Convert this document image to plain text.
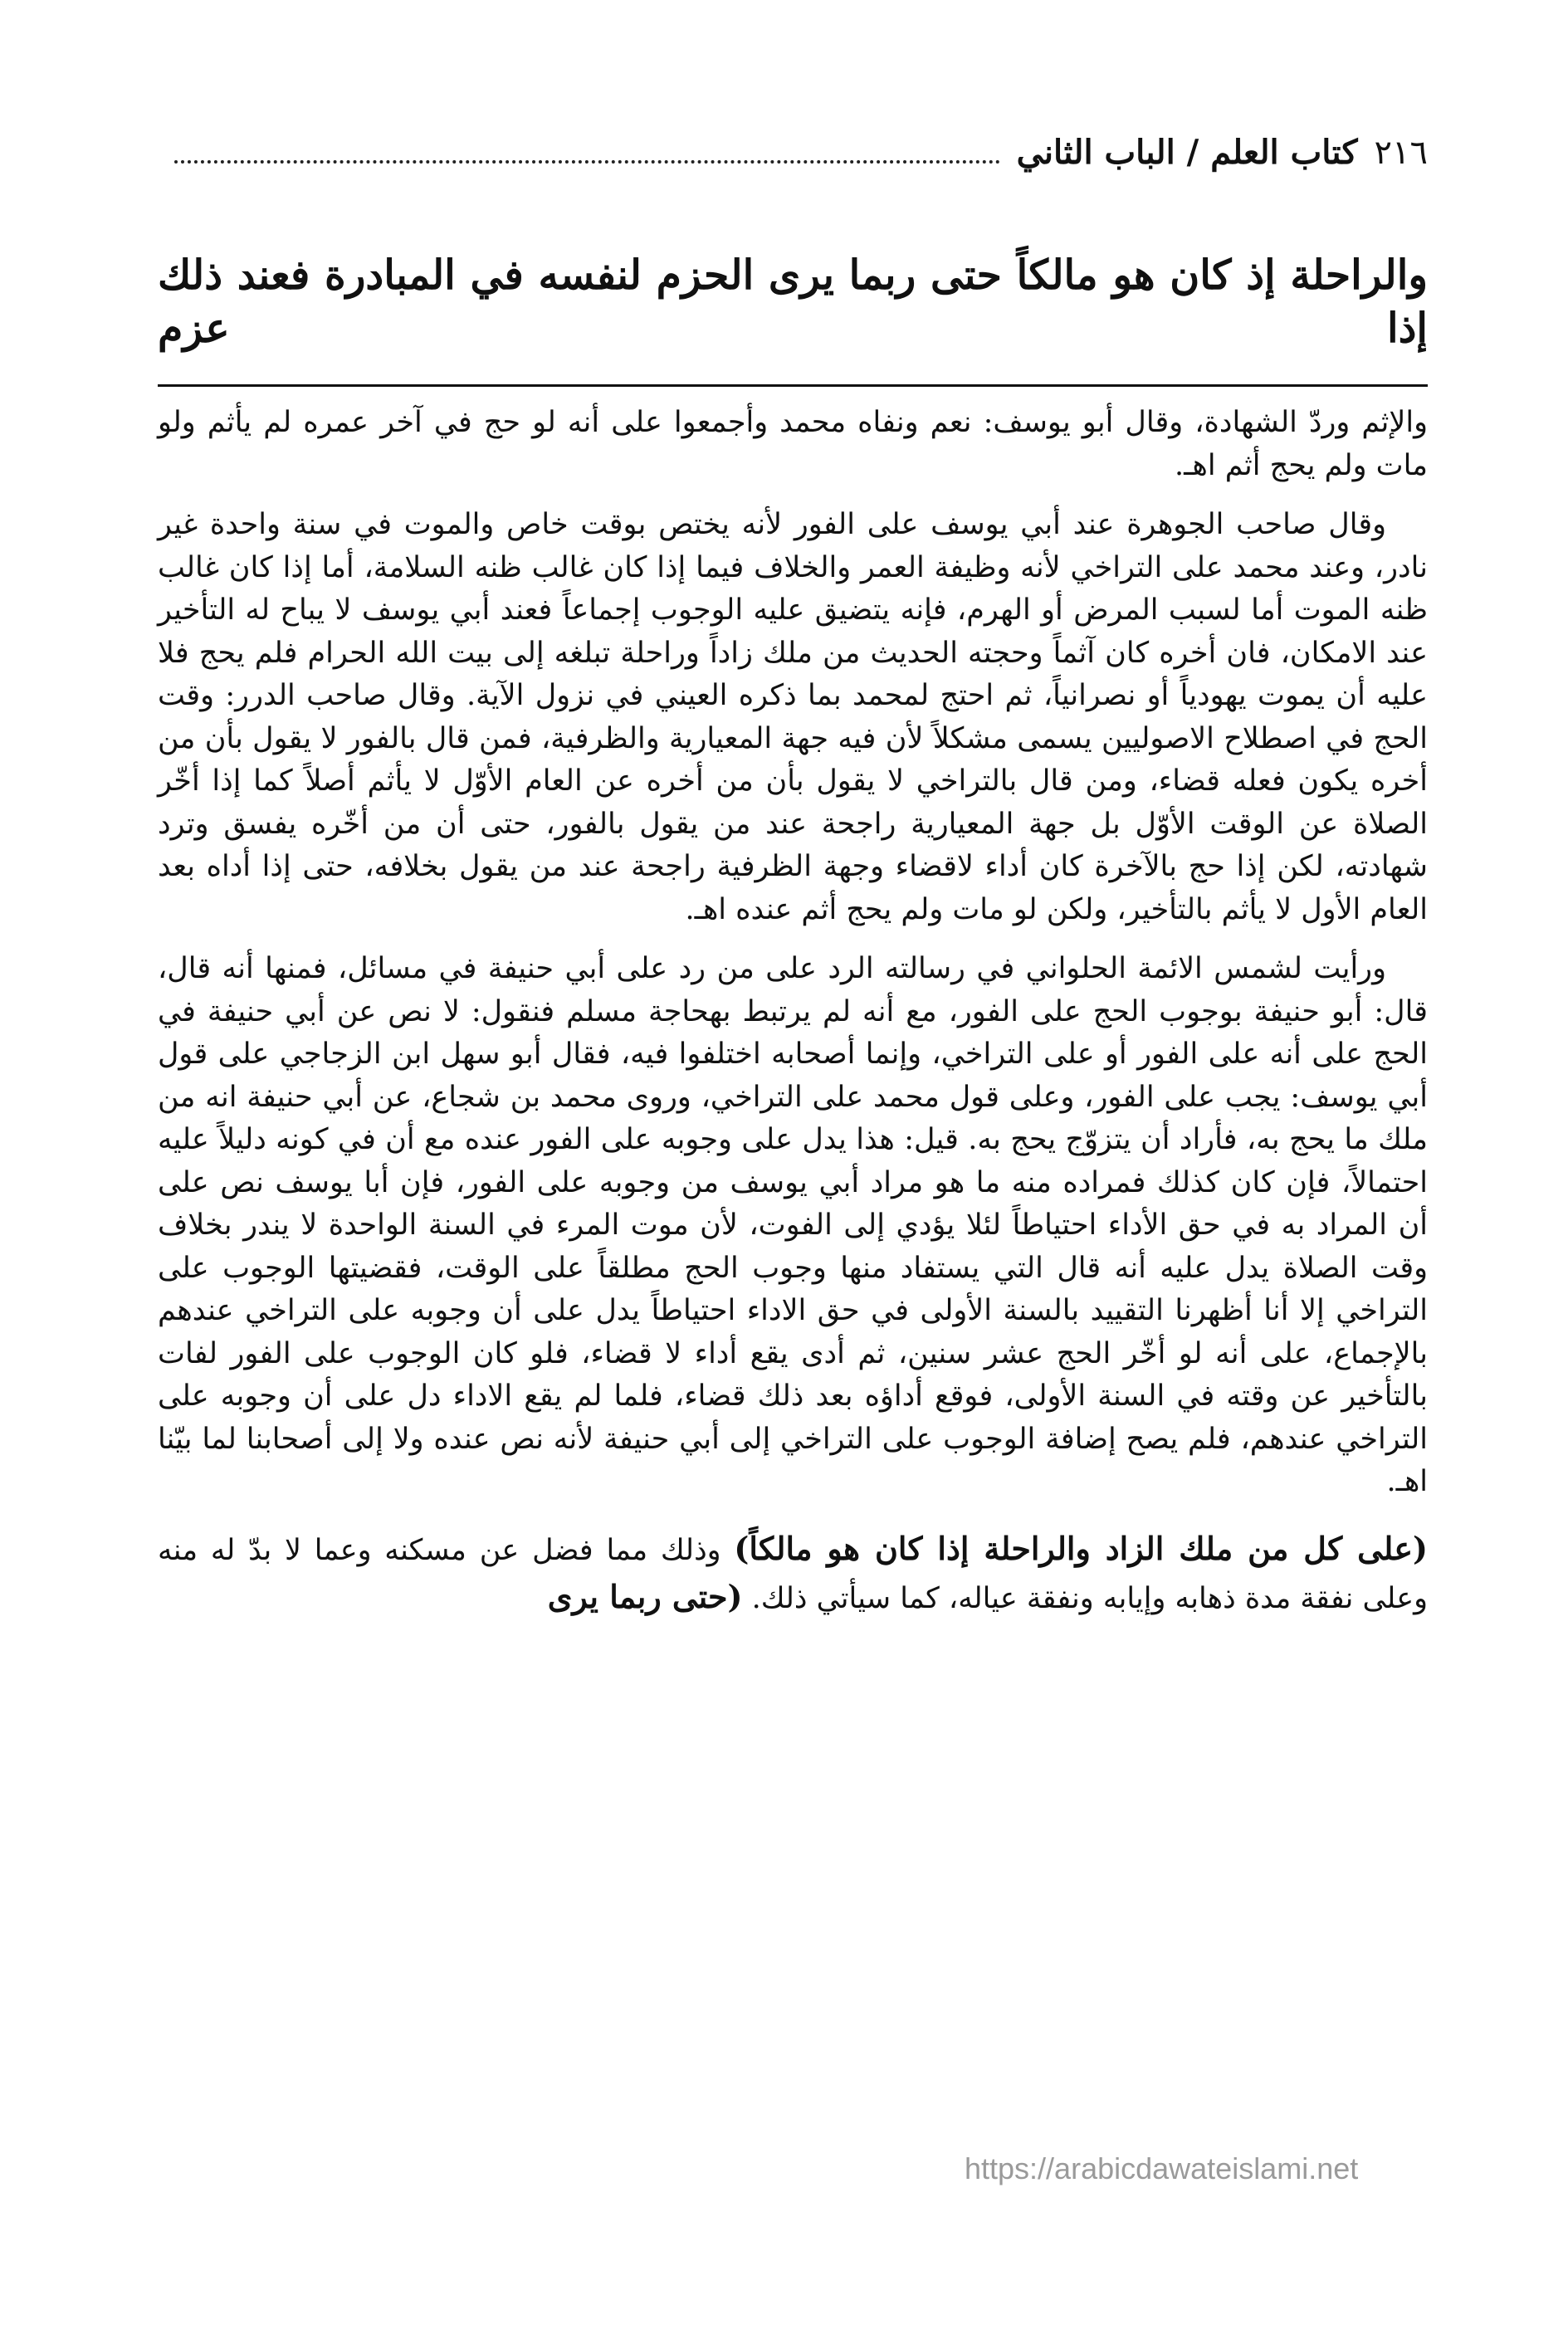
٢١٦
كتاب العلم / الباب الثاني
والراحلة إذ كان هو مالكاً حتى ربما يرى الحزم لنفسه في المبادرة فعند ذلك إذا عزم

والإثم وردّ الشهادة، وقال أبو يوسف: نعم ونفاه محمد وأجمعوا على أنه لو حج في آخر عمره لم يأثم ولو مات ولم يحج أثم اهـ.

وقال صاحب الجوهرة عند أبي يوسف على الفور لأنه يختص بوقت خاص والموت في سنة واحدة غير نادر، وعند محمد على التراخي لأنه وظيفة العمر والخلاف فيما إذا كان غالب ظنه السلامة، أما إذا كان غالب ظنه الموت أما لسبب المرض أو الهرم، فإنه يتضيق عليه الوجوب إجماعاً فعند أبي يوسف لا يباح له التأخير عند الامكان، فان أخره كان آثماً وحجته الحديث من ملك زاداً وراحلة تبلغه إلى بيت الله الحرام فلم يحج فلا عليه أن يموت يهودياً أو نصرانياً، ثم احتج لمحمد بما ذكره العيني في نزول الآية. وقال صاحب الدرر: وقت الحج في اصطلاح الاصوليين يسمى مشكلاً لأن فيه جهة المعيارية والظرفية، فمن قال بالفور لا يقول بأن من أخره يكون فعله قضاء، ومن قال بالتراخي لا يقول بأن من أخره عن العام الأوّل لا يأثم أصلاً كما إذا أخّر الصلاة عن الوقت الأوّل بل جهة المعيارية راجحة عند من يقول بالفور، حتى أن من أخّره يفسق وترد شهادته، لكن إذا حج بالآخرة كان أداء لاقضاء وجهة الظرفية راجحة عند من يقول بخلافه، حتى إذا أداه بعد العام الأول لا يأثم بالتأخير، ولكن لو مات ولم يحج أثم عنده اهـ.

ورأيت لشمس الائمة الحلواني في رسالته الرد على من رد على أبي حنيفة في مسائل، فمنها أنه قال، قال: أبو حنيفة بوجوب الحج على الفور، مع أنه لم يرتبط بهحاجة مسلم فنقول: لا نص عن أبي حنيفة في الحج على أنه على الفور أو على التراخي، وإنما أصحابه اختلفوا فيه، فقال أبو سهل ابن الزجاجي على قول أبي يوسف: يجب على الفور، وعلى قول محمد على التراخي، وروى محمد بن شجاع، عن أبي حنيفة انه من ملك ما يحج به، فأراد أن يتزوّج يحج به. قيل: هذا يدل على وجوبه على الفور عنده مع أن في كونه دليلاً عليه احتمالاً، فإن كان كذلك فمراده منه ما هو مراد أبي يوسف من وجوبه على الفور، فإن أبا يوسف نص على أن المراد به في حق الأداء احتياطاً لئلا يؤدي إلى الفوت، لأن موت المرء في السنة الواحدة لا يندر بخلاف وقت الصلاة يدل عليه أنه قال التي يستفاد منها وجوب الحج مطلقاً على الوقت، فقضيتها الوجوب على التراخي إلا أنا أظهرنا التقييد بالسنة الأولى في حق الاداء احتياطاً يدل على أن وجوبه على التراخي عندهم بالإجماع، على أنه لو أخّر الحج عشر سنين، ثم أدى يقع أداء لا قضاء، فلو كان الوجوب على الفور لفات بالتأخير عن وقته في السنة الأولى، فوقع أداؤه بعد ذلك قضاء، فلما لم يقع الاداء دل على أن وجوبه على التراخي عندهم، فلم يصح إضافة الوجوب على التراخي إلى أبي حنيفة لأنه نص عنده ولا إلى أصحابنا لما بيّنا اهـ.

(على كل من ملك الزاد والراحلة إذا كان هو مالكاً) وذلك مما فضل عن مسكنه وعما لا بدّ له منه وعلى نفقة مدة ذهابه وإيابه ونفقة عياله، كما سيأتي ذلك. (حتى ربما يرى
https://arabicdawateislami.net
